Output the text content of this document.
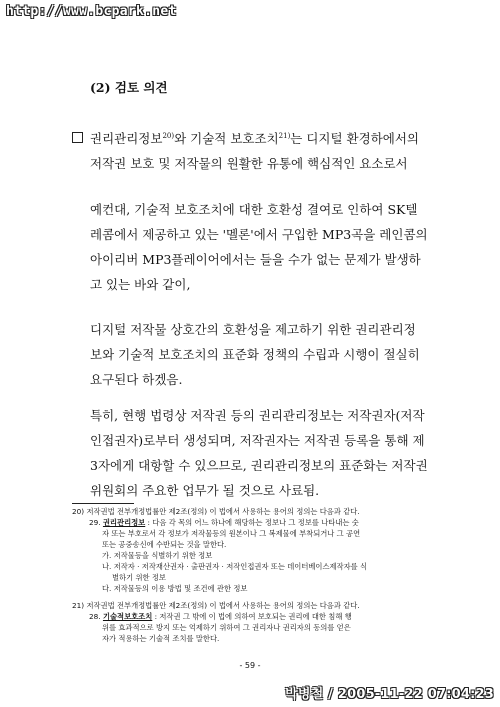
http://www.bcpark.net
(2) 검토 의견
권리관리정보$^{20)}$와 기술적 보호조치$^{21)}$는 디지털 환경하에서의
저작권 보호 및 저작물의 원활한 유통에 핵심적인 요소로서
예컨대, 기술적 보호조치에 대한 호환성 결여로 인하여 SK텔
레콤에서 제공하고 있는 '멜론'에서 구입한 MP3곡을 레인콤의
아이리버 MP3플레이어에서는 들을 수가 없는 문제가 발생하
고 있는 바와 같이,
디지털 저작물 상호간의 호환성을 제고하기 위한 권리관리정
보와 기술적 보호조치의 표준화 정책의 수립과 시행이 절실히
요구된다 하겠음.
특히, 현행 법령상 저작권 등의 권리관리정보는 저작권자(저작
인접권자)로부터 생성되며, 저작권자는 저작권 등록을 통해 제
3자에게 대항할 수 있으므로, 권리관리정보의 표준화는 저작권
위원회의 주요한 업무가 될 것으로 사료됨.
20) 저작권법 전부개정법률안 제2조(정의) 이 법에서 사용하는 용어의 정의는 다음과 같다.
29. 권리관리정보 : 다음 각 목의 어느 하나에 해당하는 정보나 그 정보를 나타내는 숫
자 또는 부호로서 각 정보가 저작물등의 원본이나 그 복제물에 부착되거나 그 공연
또는 공중송신에 수반되는 것을 말한다.
가. 저작물등을 식별하기 위한 정보
나. 저작자 · 저작재산권자 · 출판권자 · 저작인접권자 또는 데이터베이스제작자를 식
별하기 위한 정보
다. 저작물등의 이용 방법 및 조건에 관한 정보
21) 저작권법 전부개정법률안 제2조(정의) 이 법에서 사용하는 용어의 정의는 다음과 같다.
28. 기술적보호조치 : 저작권 그 밖에 이 법에 의하여 보호되는 권리에 대한 침해 행
위를 효과적으로 방지 또는 억제하기 위하여 그 권리자나 권리자의 동의를 얻은
자가 적용하는 기술적 조치를 말한다.
- 59 -
박병철 / 2005-11-22 07:04:23
